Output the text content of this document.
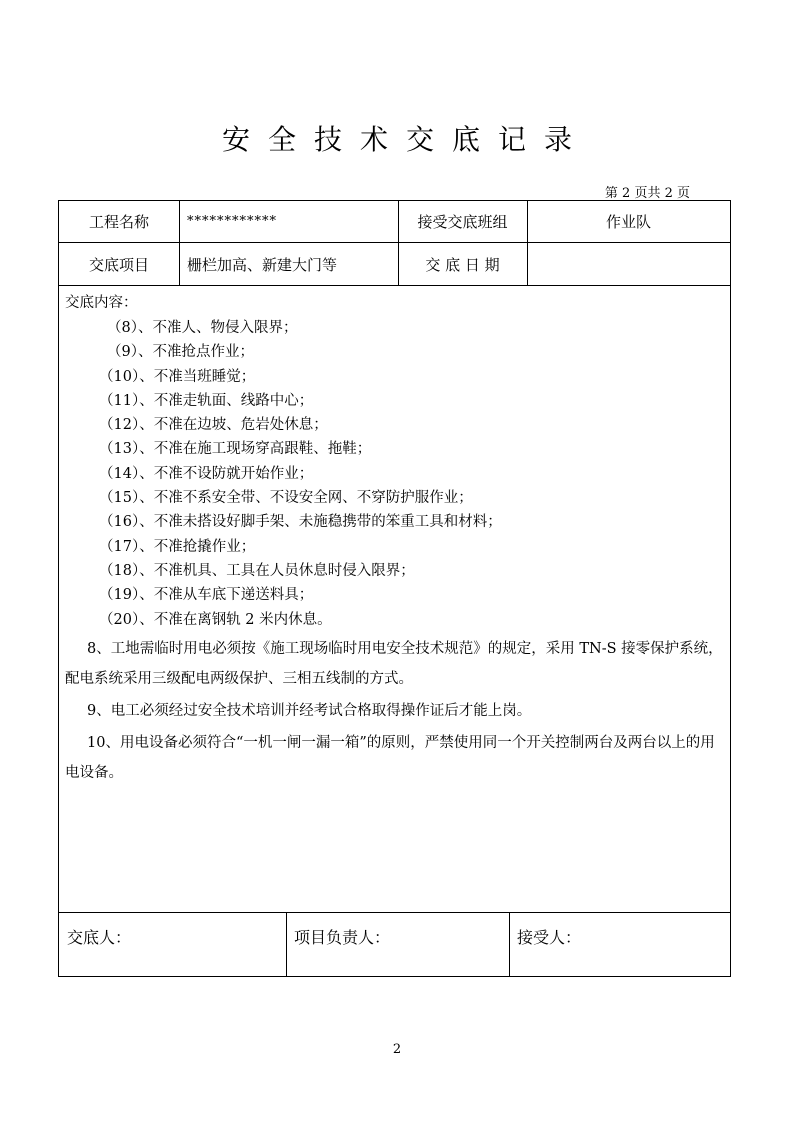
安全技术交底记录
第 2 页共 2 页
工程名称	************	接受交底班组	作业队
交底项目	栅栏加高、新建大门等	交 底 日 期
交底内容：
（8）、不准人、物侵入限界；
（9）、不准抢点作业；
（10）、不准当班睡觉；
（11）、不准走轨面、线路中心；
（12）、不准在边坡、危岩处休息；
（13）、不准在施工现场穿高跟鞋、拖鞋；
（14）、不准不设防就开始作业；
（15）、不准不系安全带、不设安全网、不穿防护服作业；
（16）、不准未搭设好脚手架、未施稳携带的笨重工具和材料；
（17）、不准抢撬作业；
（18）、不准机具、工具在人员休息时侵入限界；
（19）、不准从车底下递送料具；
（20）、不准在离钢轨 2 米内休息。
8、工地需临时用电必须按《施工现场临时用电安全技术规范》的规定，采用 TN-S 接零保护系统，配电系统采用三级配电两级保护、三相五线制的方式。
9、电工必须经过安全技术培训并经考试合格取得操作证后才能上岗。
10、用电设备必须符合“一机一闸一漏一箱”的原则，严禁使用同一个开关控制两台及两台以上的用电设备。
交底人：	项目负责人：	接受人：
2
